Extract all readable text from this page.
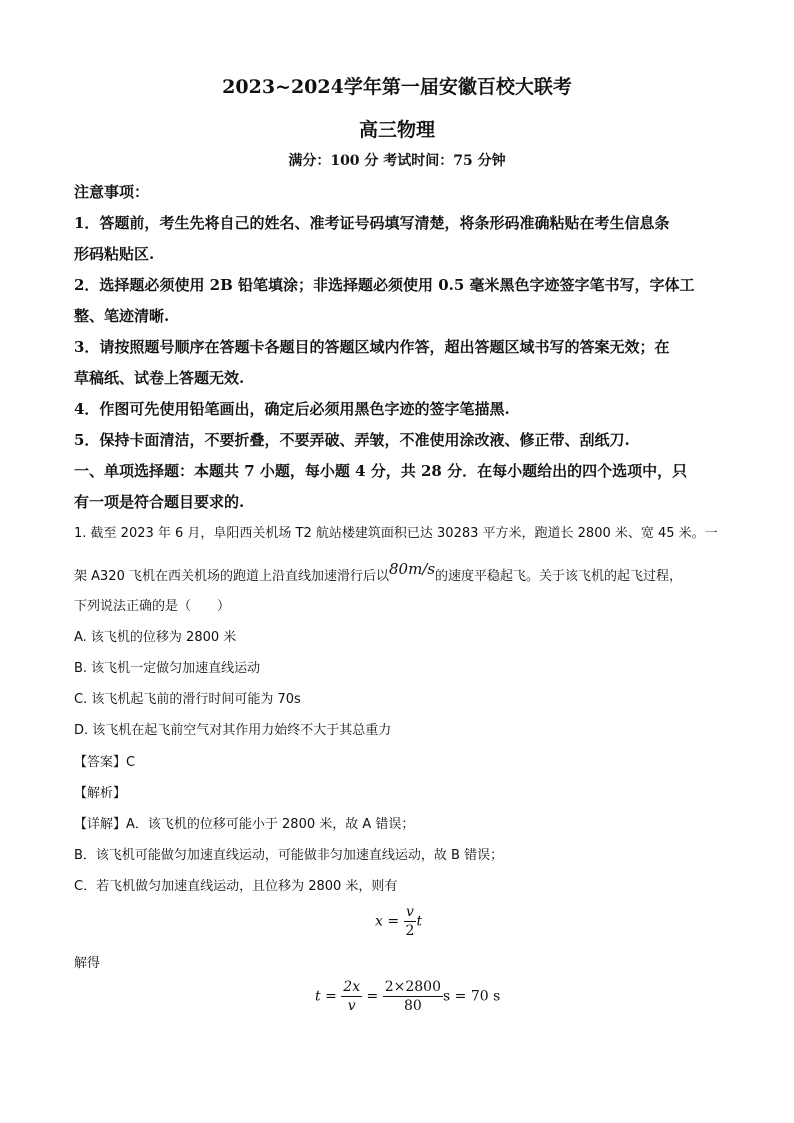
2023~2024学年第一届安徽百校大联考
高三物理
满分：100 分 考试时间：75 分钟
注意事项：
1．答题前，考生先将自己的姓名、准考证号码填写清楚，将条形码准确粘贴在考生信息条
形码粘贴区.
2．选择题必须使用 2B 铅笔填涂；非选择题必须使用 0.5 毫米黑色字迹签字笔书写，字体工
整、笔迹清晰.
3．请按照题号顺序在答题卡各题目的答题区域内作答，超出答题区域书写的答案无效；在
草稿纸、试卷上答题无效.
4．作图可先使用铅笔画出，确定后必须用黑色字迹的签字笔描黑.
5．保持卡面清洁，不要折叠，不要弄破、弄皱，不准使用涂改液、修正带、刮纸刀.
一、单项选择题：本题共 7 小题，每小题 4 分，共 28 分．在每小题给出的四个选项中，只
有一项是符合题目要求的.
1. 截至 2023 年 6 月，阜阳西关机场 T2 航站楼建筑面积已达 30283 平方米，跑道长 2800 米、宽 45 米。一
架 A320 飞机在西关机场的跑道上沿直线加速滑行后以80m/s的速度平稳起飞。关于该飞机的起飞过程，
下列说法正确的是（　　）
A. 该飞机的位移为 2800 米
B. 该飞机一定做匀加速直线运动
C. 该飞机起飞前的滑行时间可能为 70s
D. 该飞机在起飞前空气对其作用力始终不大于其总重力
【答案】C
【解析】
【详解】A．该飞机的位移可能小于 2800 米，故 A 错误；
B．该飞机可能做匀加速直线运动，可能做非匀加速直线运动，故 B 错误；
C．若飞机做匀加速直线运动，且位移为 2800 米，则有
$x = \frac{v}{2}$ t
解得
$t = \frac{2x}{v} = \frac{2\times 2800}{80}$ s = 70 s
